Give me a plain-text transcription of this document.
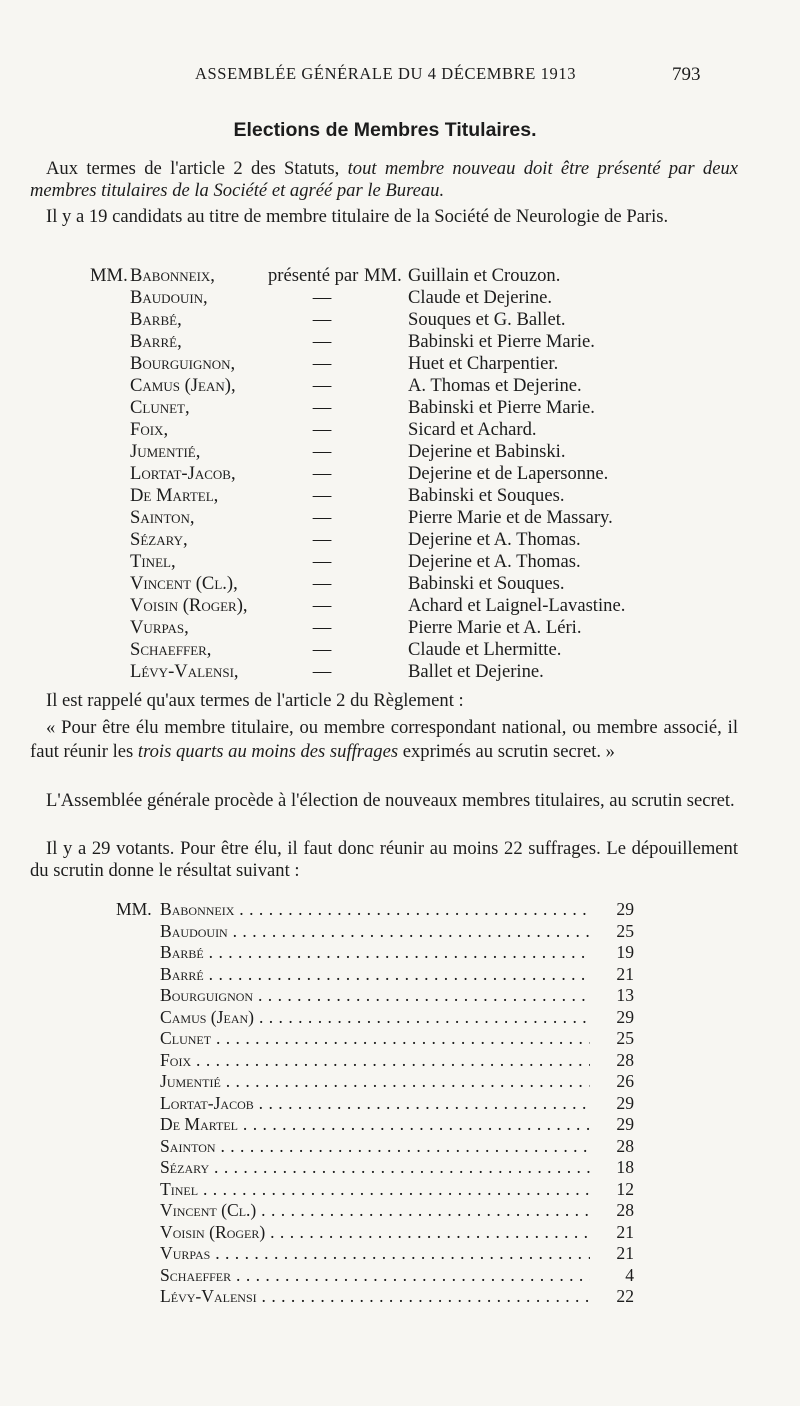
ASSEMBLÉE GÉNÉRALE DU 4 DÉCEMBRE 1913	793
Elections de Membres Titulaires.

Aux termes de l'article 2 des Statuts, tout membre nouveau doit être présenté par deux membres titulaires de la Société et agréé par le Bureau.

Il y a 19 candidats au titre de membre titulaire de la Société de Neurologie de Paris.

MM. Babonneix,	présenté par MM. Guillain et Crouzon.
Baudouin,	—	Claude et Dejerine.
Barbé,	—	Souques et G. Ballet.
Barré,	—	Babinski et Pierre Marie.
Bourguignon,	—	Huet et Charpentier.
Camus (Jean),	—	A. Thomas et Dejerine.
Clunet,	—	Babinski et Pierre Marie.
Foix,	—	Sicard et Achard.
Jumentié,	—	Dejerine et Babinski.
Lortat-Jacob,	—	Dejerine et de Lapersonne.
De Martel,	—	Babinski et Souques.
Sainton,	—	Pierre Marie et de Massary.
Sézary,	—	Dejerine et A. Thomas.
Tinel,	—	Dejerine et A. Thomas.
Vincent (Cl.),	—	Babinski et Souques.
Voisin (Roger),	—	Achard et Laignel-Lavastine.
Vurpas,	—	Pierre Marie et A. Léri.
Schaeffer,	—	Claude et Lhermitte.
Lévy-Valensi,	—	Ballet et Dejerine.

Il est rappelé qu'aux termes de l'article 2 du Règlement :

« Pour être élu membre titulaire, ou membre correspondant national, ou membre associé, il faut réunir les trois quarts au moins des suffrages exprimés au scrutin secret. »

L'Assemblée générale procède à l'élection de nouveaux membres titulaires, au scrutin secret.

Il y a 29 votants. Pour être élu, il faut donc réunir au moins 22 suffrages. Le dépouillement du scrutin donne le résultat suivant :

MM. Babonneix . . .	29
Baudouin . . .	25
Barbé . . .	19
Barré . . .	21
Bourguignon . . .	13
Camus (Jean) . . .	29
Clunet . . .	25
Foix . . .	28
Jumentié . . .	26
Lortat-Jacob . . .	29
De Martel . . .	29
Sainton . . .	28
Sézary . . .	18
Tinel . . .	12
Vincent (Cl.) . . .	28
Voisin (Roger) . . .	21
Vurpas . . .	21
Schaeffer . . .	4
Lévy-Valensi . . .	22
